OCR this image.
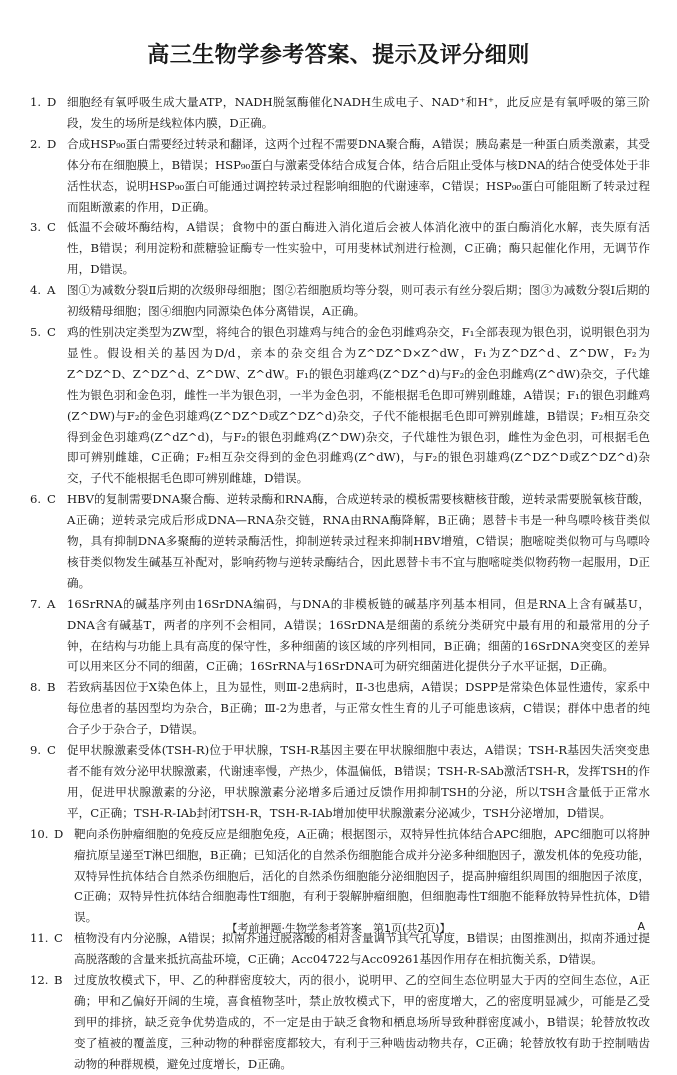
高三生物学参考答案、提示及评分细则
1. D 细胞经有氧呼吸生成大量ATP，NADH脱氢酶催化NADH生成电子、NAD⁺和H⁺，此反应是有氧呼吸的第三阶段，发生的场所是线粒体内膜，D正确。
2. D 合成HSP₉₀蛋白需要经过转录和翻译，这两个过程不需要DNA聚合酶，A错误；胰岛素是一种蛋白质类激素，其受体分布在细胞膜上，B错误；HSP₉₀蛋白与激素受体结合成复合体，结合后阻止受体与核DNA的结合使受体处于非活性状态，说明HSP₉₀蛋白可能通过调控转录过程影响细胞的代谢速率，C错误；HSP₉₀蛋白可能阻断了转录过程而阻断激素的作用，D正确。
3. C 低温不会破坏酶结构，A错误；食物中的蛋白酶进入消化道后会被人体消化液中的蛋白酶消化水解，丧失原有活性，B错误；利用淀粉和蔗糖验证酶专一性实验中，可用斐林试剂进行检测，C正确；酶只起催化作用，无调节作用，D错误。
4. A	图①为减数分裂Ⅱ后期的次级卵母细胞；图②若细胞质均等分裂，则可表示有丝分裂后期；图③为减数分裂Ⅰ后期的初级精母细胞；图④细胞内同源染色体分离错误，A正确。
5. C 鸡的性别决定类型为ZW型，将纯合的银色羽雄鸡与纯合的金色羽雌鸡杂交，F₁全部表现为银色羽，说明银色羽为显性。假设相关的基因为D/d，亲本的杂交组合为Z^DZ^D×Z^dW，F₁为Z^DZ^d、Z^DW，F₂为Z^DZ^D、Z^DZ^d、Z^DW、Z^dW。F₁的银色羽雄鸡(Z^DZ^d)与F₂的金色羽雌鸡(Z^dW)杂交，子代雄性为银色羽和金色羽，雌性一半为银色羽，一半为金色羽，不能根据毛色即可辨别雌雄，A错误；F₁的银色羽雌鸡(Z^DW)与F₂的金色羽雄鸡(Z^DZ^D或Z^DZ^d)杂交，子代不能根据毛色即可辨别雌雄，B错误；F₂相互杂交得到金色羽雄鸡(Z^dZ^d)，与F₂的银色羽雌鸡(Z^DW)杂交，子代雄性为银色羽，雌性为金色羽，可根据毛色即可辨别雌雄，C正确；F₂相互杂交得到的金色羽雌鸡(Z^dW)，与F₂的银色羽雄鸡(Z^DZ^D或Z^DZ^d)杂交，子代不能根据毛色即可辨别雌雄，D错误。
6. C HBV的复制需要DNA聚合酶、逆转录酶和RNA酶，合成逆转录的模板需要核糖核苷酸，逆转录需要脱氧核苷酸，A正确；逆转录完成后形成DNA—RNA杂交链，RNA由RNA酶降解，B正确；恩替卡韦是一种鸟嘌呤核苷类似物，具有抑制DNA多聚酶的逆转录酶活性，抑制逆转录过程来抑制HBV增殖，C错误；胞嘧啶类似物可与鸟嘌呤核苷类似物发生碱基互补配对，影响药物与逆转录酶结合，因此恩替卡韦不宜与胞嘧啶类似物药物一起服用，D正确。
7. A	16SrRNA的碱基序列由16SrDNA编码，与DNA的非模板链的碱基序列基本相同，但是RNA上含有碱基U，DNA含有碱基T，两者的序列不会相同，A错误；16SrDNA是细菌的系统分类研究中最有用的和最常用的分子钟，在结构与功能上具有高度的保守性，多种细菌的该区域的序列相同，B正确；细菌的16SrDNA突变区的差异可以用来区分不同的细菌，C正确；16SrRNA与16SrDNA可为研究细菌进化提供分子水平证据，D正确。
8. B 若致病基因位于X染色体上，且为显性，则Ⅲ-2患病时，Ⅱ-3也患病，A错误；DSPP是常染色体显性遗传，家系中每位患者的基因型均为杂合，B正确；Ⅲ-2为患者，与正常女性生育的儿子可能患该病，C错误；群体中患者的纯合子少于杂合子，D错误。
9. C 促甲状腺激素受体(TSH-R)位于甲状腺，TSH-R基因主要在甲状腺细胞中表达，A错误；TSH-R基因失活突变患者不能有效分泌甲状腺激素，代谢速率慢，产热少，体温偏低，B错误；TSH-R-SAb激活TSH-R，发挥TSH的作用，促进甲状腺激素的分泌，甲状腺激素分泌增多后通过反馈作用抑制TSH的分泌，所以TSH含量低于正常水平，C正确；TSH-R-IAb封闭TSH-R，TSH-R-IAb增加使甲状腺激素分泌减少，TSH分泌增加，D错误。
10. D 靶向杀伤肿瘤细胞的免疫反应是细胞免疫，A正确；根据图示，双特异性抗体结合APC细胞，APC细胞可以将肿瘤抗原呈递至T淋巴细胞，B正确；已知活化的自然杀伤细胞能合成并分泌多种细胞因子，激发机体的免疫功能，双特异性抗体结合自然杀伤细胞后，活化的自然杀伤细胞能分泌细胞因子，提高肿瘤组织周围的细胞因子浓度，C正确；双特异性抗体结合细胞毒性T细胞，有利于裂解肿瘤细胞，但细胞毒性T细胞不能释放特异性抗体，D错误。
11. C 植物没有内分泌腺，A错误；拟南芥通过脱落酸的相对含量调节其气孔导度，B错误；由图推测出，拟南芥通过提高脱落酸的含量来抵抗高盐环境，C正确；Acc04722与Acc09261基因作用存在相抗衡关系，D错误。
12. B 过度放牧模式下，甲、乙的种群密度较大，丙的很小，说明甲、乙的空间生态位明显大于丙的空间生态位，A正确；甲和乙偏好开阔的生境，喜食植物茎叶，禁止放牧模式下，甲的密度增大，乙的密度明显减少，可能是乙受到甲的排挤，缺乏竞争优势造成的，不一定是由于缺乏食物和栖息场所导致种群密度减小，B错误；轮替放牧改变了植被的覆盖度，三种动物的种群密度都较大，有利于三种啮齿动物共存，C正确；轮替放牧有助于控制啮齿动物的种群规模，避免过度增长，D正确。
【考前押题·生物学参考答案　第1页(共2页)】	A
